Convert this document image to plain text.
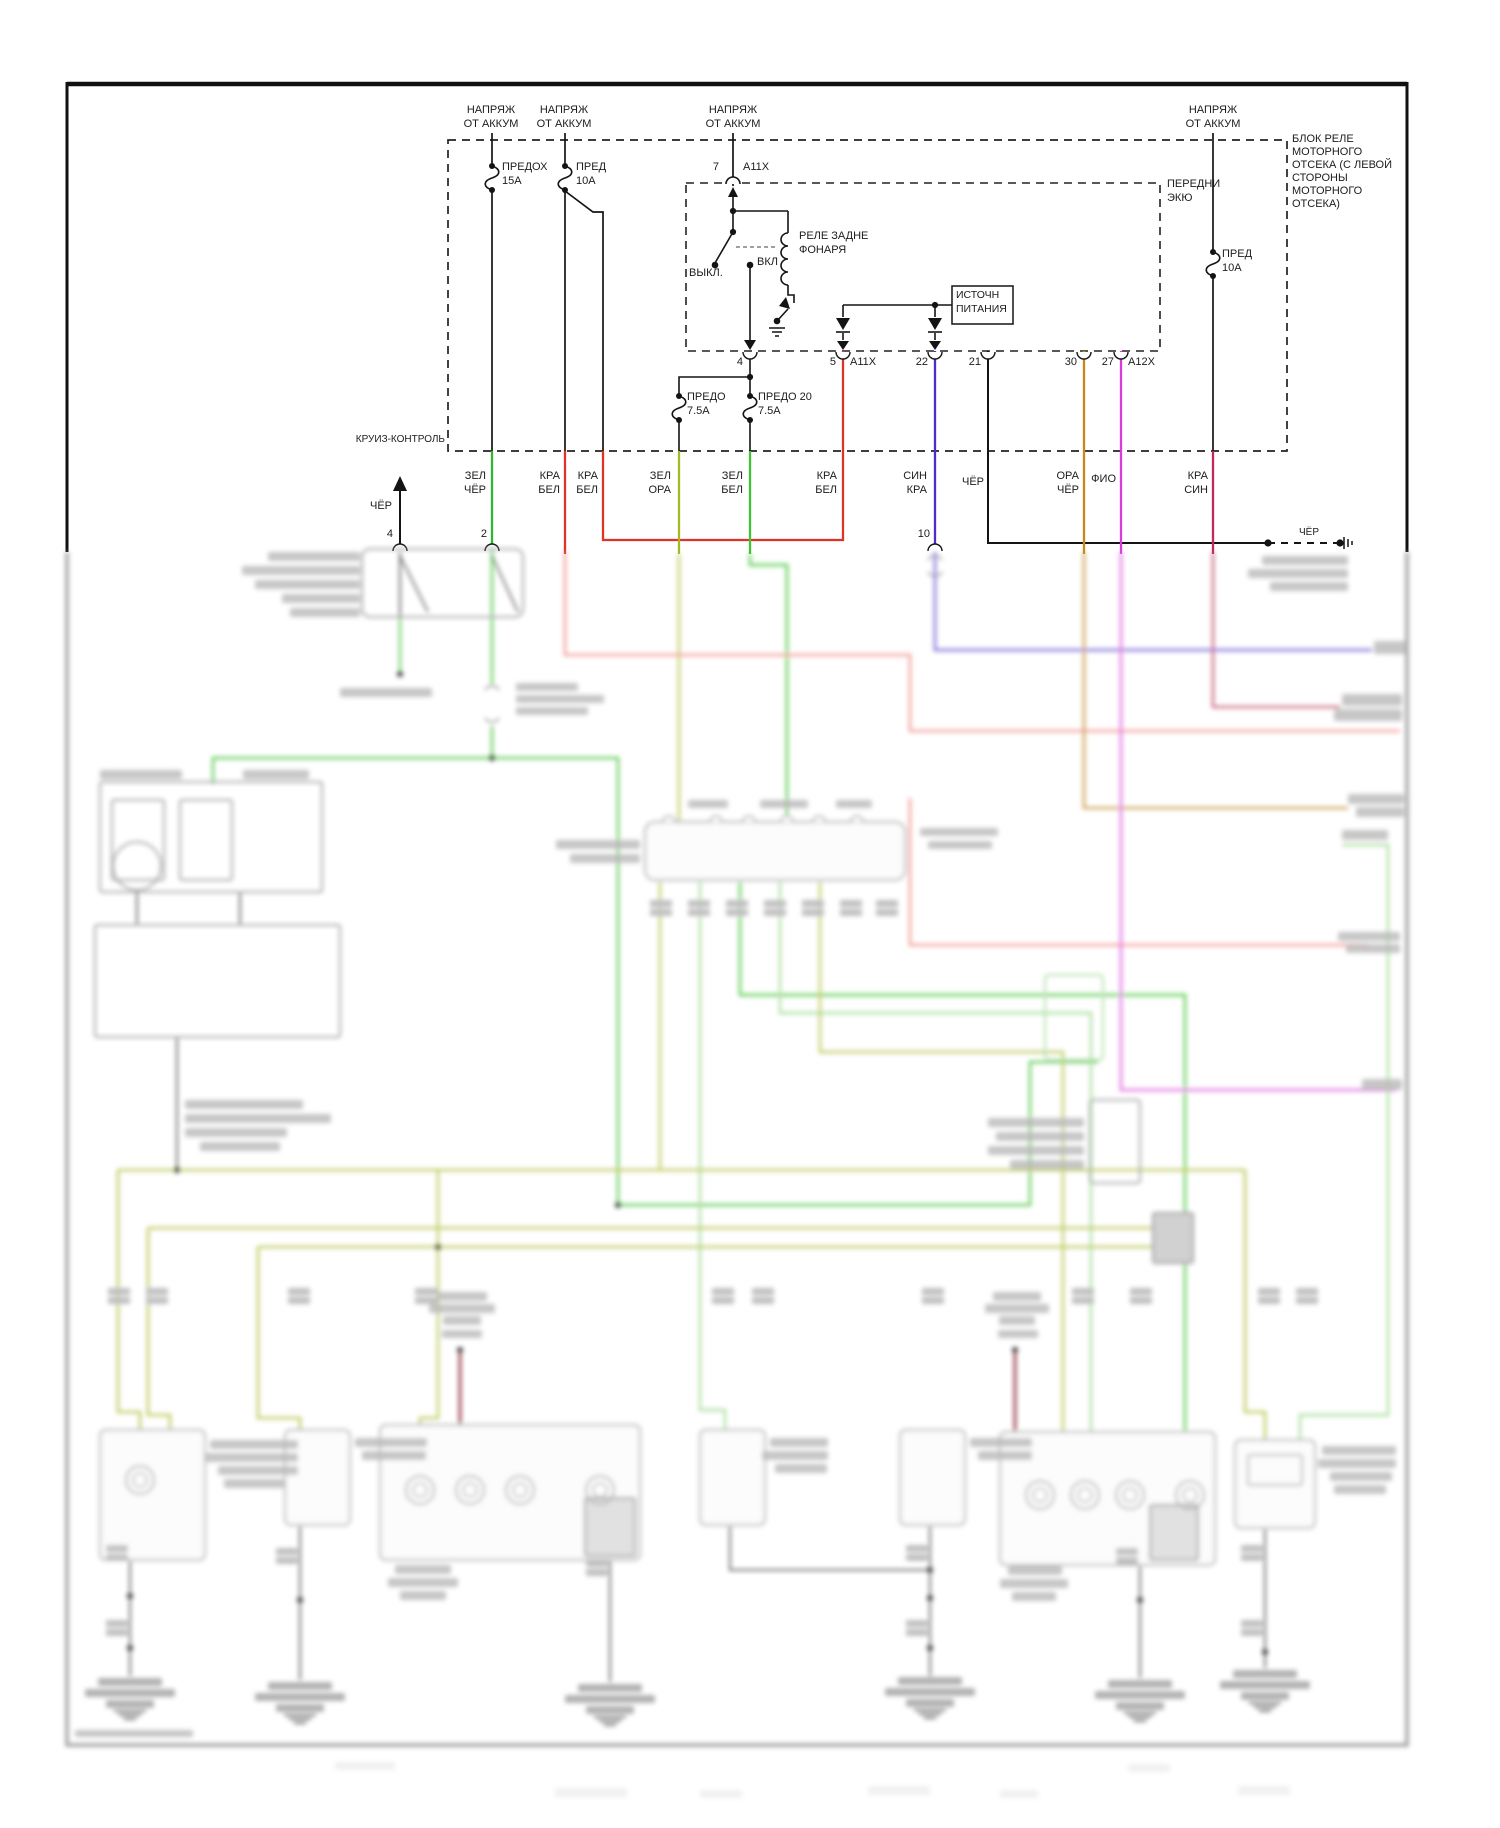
НАПРЯЖ
ОТ АККУМ
НАПРЯЖ
ОТ АККУМ
НАПРЯЖ
ОТ АККУМ
НАПРЯЖ
ОТ АККУМ
ПРЕДОХ
15А
ПРЕД
10А
ПРЕДО
7.5А
ПРЕДО 20
7.5А
ПРЕД
10А
7 А11Х
ПЕРЕДНИ
ЭКЮ
БЛОК РЕЛЕ
МОТОРНОГО
ОТСЕКА (С ЛЕВОЙ
СТОРОНЫ
МОТОРНОГО
ОТСЕКА)
РЕЛЕ ЗАДНЕ
ФОНАРЯ
ВЫКЛ.
ВКЛ
ИСТОЧН
ПИТАНИЯ
4	5 А11Х	22	21	30 27 А12Х
КРУИЗ-КОНТРОЛЬ
ЗЕЛ
ЧЁР
КРА
БЕЛ
КРА
БЕЛ
ЗЕЛ
ОРА
ЗЕЛ
БЕЛ
КРА
БЕЛ
СИН
КРА
ЧЁР	ОРА
ЧЁР
ФИО	КРА
СИН
ЧЁР
4	2	10	ЧЁР
